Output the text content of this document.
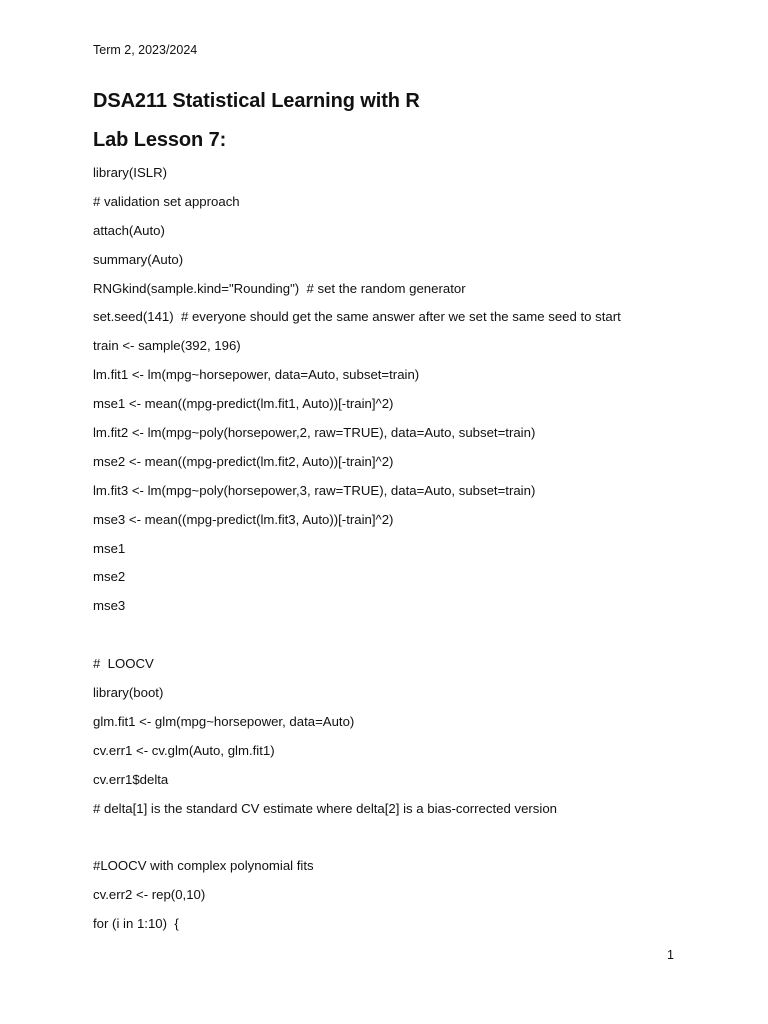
Term 2, 2023/2024
DSA211 Statistical Learning with R
Lab Lesson 7:
library(ISLR)
# validation set approach
attach(Auto)
summary(Auto)
RNGkind(sample.kind="Rounding")  # set the random generator
set.seed(141)  # everyone should get the same answer after we set the same seed to start
train <- sample(392, 196)
lm.fit1 <- lm(mpg~horsepower, data=Auto, subset=train)
mse1 <- mean((mpg-predict(lm.fit1, Auto))[-train]^2)
lm.fit2 <- lm(mpg~poly(horsepower,2, raw=TRUE), data=Auto, subset=train)
mse2 <- mean((mpg-predict(lm.fit2, Auto))[-train]^2)
lm.fit3 <- lm(mpg~poly(horsepower,3, raw=TRUE), data=Auto, subset=train)
mse3 <- mean((mpg-predict(lm.fit3, Auto))[-train]^2)
mse1
mse2
mse3
#  LOOCV
library(boot)
glm.fit1 <- glm(mpg~horsepower, data=Auto)
cv.err1 <- cv.glm(Auto, glm.fit1)
cv.err1$delta
# delta[1] is the standard CV estimate where delta[2] is a bias-corrected version
#LOOCV with complex polynomial fits
cv.err2 <- rep(0,10)
for (i in 1:10)  {
1
